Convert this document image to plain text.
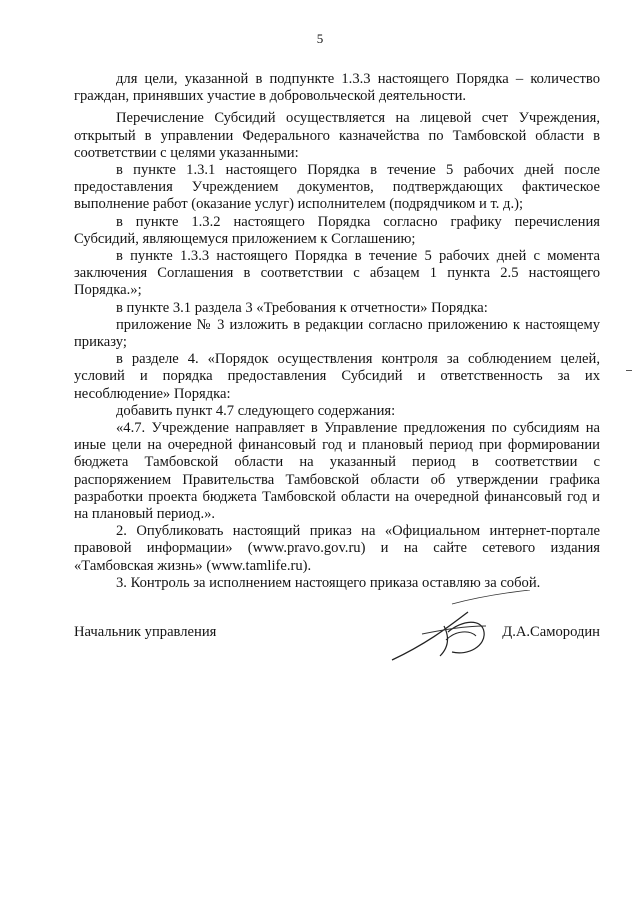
5

для цели, указанной в подпункте 1.3.3 настоящего Порядка – количество граждан, принявших участие в добровольческой деятельности.

Перечисление Субсидий осуществляется на лицевой счет Учреждения, открытый в управлении Федерального казначейства по Тамбовской области в соответствии с целями указанными:

в пункте 1.3.1 настоящего Порядка в течение 5 рабочих дней после предоставления Учреждением документов, подтверждающих фактическое выполнение работ (оказание услуг) исполнителем (подрядчиком и т. д.);

в пункте 1.3.2 настоящего Порядка согласно графику перечисления Субсидий, являющемуся приложением к Соглашению;

в пункте 1.3.3 настоящего Порядка в течение 5 рабочих дней с момента заключения Соглашения в соответствии с абзацем 1 пункта 2.5 настоящего Порядка.»;

в пункте 3.1 раздела 3 «Требования к отчетности» Порядка:

приложение № 3 изложить в редакции согласно приложению к настоящему приказу;

в разделе 4. «Порядок осуществления контроля за соблюдением целей, условий и порядка предоставления Субсидий и ответственность за их несоблюдение» Порядка:

добавить пункт 4.7 следующего содержания:

«4.7. Учреждение направляет в Управление предложения по субсидиям на иные цели на очередной финансовый год и плановый период при формировании бюджета Тамбовской области на указанный период в соответствии с распоряжением Правительства Тамбовской области об утверждении графика разработки проекта бюджета Тамбовской области на очередной финансовый год и на плановый период.».

2. Опубликовать настоящий приказ на «Официальном интернет-портале правовой информации» (www.pravo.gov.ru) и на сайте сетевого издания «Тамбовская жизнь» (www.tamlife.ru).

3. Контроль за исполнением настоящего приказа оставляю за собой.

Начальник управления	Д.А.Самородин
